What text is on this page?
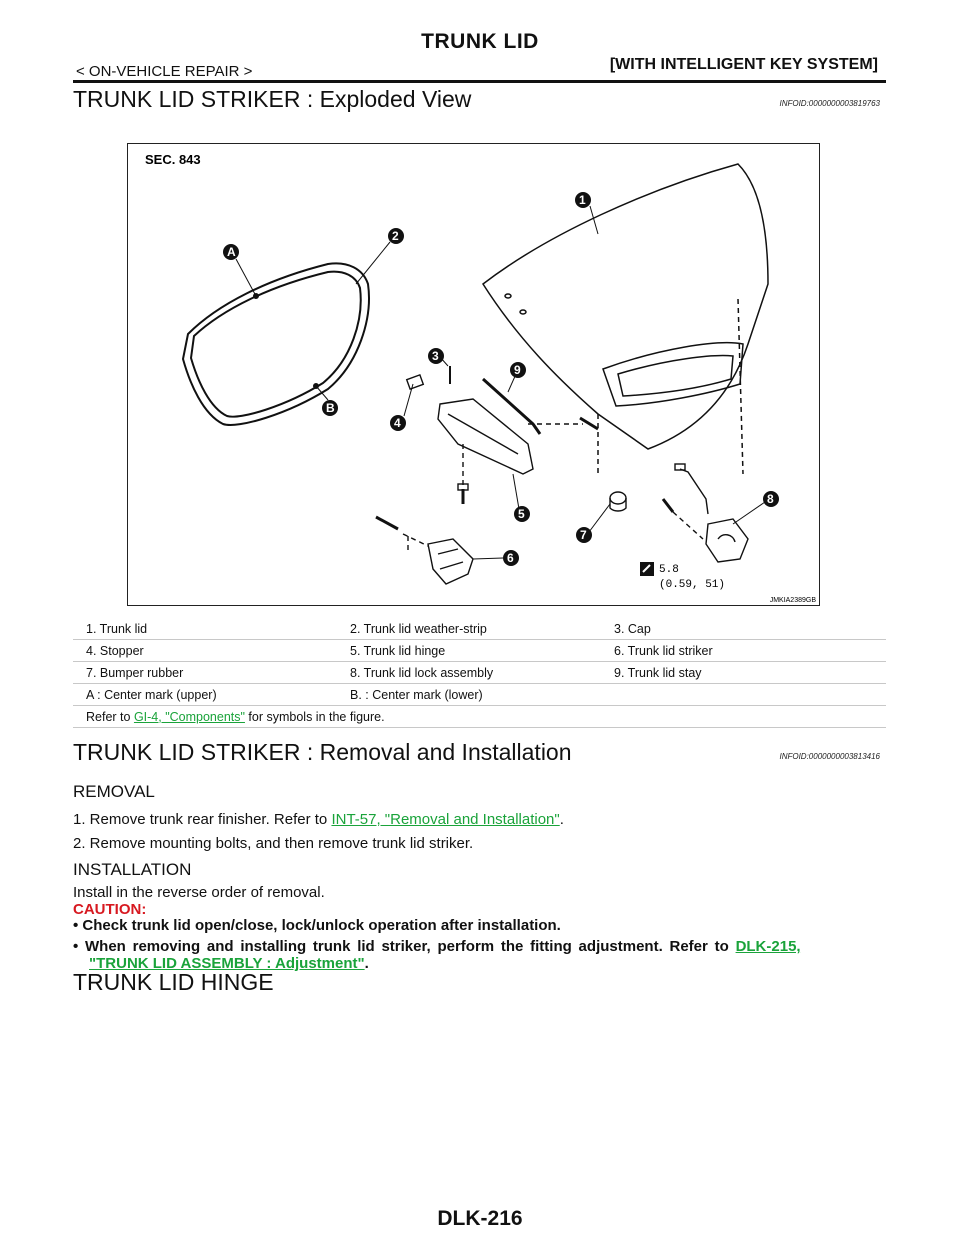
TRUNK LID
< ON-VEHICLE REPAIR >	[WITH INTELLIGENT KEY SYSTEM]
TRUNK LID STRIKER : Exploded View	INFOID:0000000003819763
SEC. 843
1
2
3
4
5
6
7
8
9
A
B
5.8
(0.59, 51)
JMKIA2389GB
1. Trunk lid	2. Trunk lid weather-strip	3. Cap
4. Stopper	5. Trunk lid hinge	6. Trunk lid striker
7. Bumper rubber	8. Trunk lid lock assembly	9. Trunk lid stay
A : Center mark (upper)	B. : Center mark (lower)	
Refer to GI-4, "Components" for symbols in the figure.		
TRUNK LID STRIKER : Removal and Installation	INFOID:0000000003813416
REMOVAL
1. Remove trunk rear finisher. Refer to INT-57, "Removal and Installation".
2. Remove mounting bolts, and then remove trunk lid striker.
INSTALLATION
Install in the reverse order of removal.
CAUTION:
• Check trunk lid open/close, lock/unlock operation after installation.
• When removing and installing trunk lid striker, perform the fitting adjustment. Refer to DLK-215,
"TRUNK LID ASSEMBLY : Adjustment".
TRUNK LID HINGE
DLK-216
